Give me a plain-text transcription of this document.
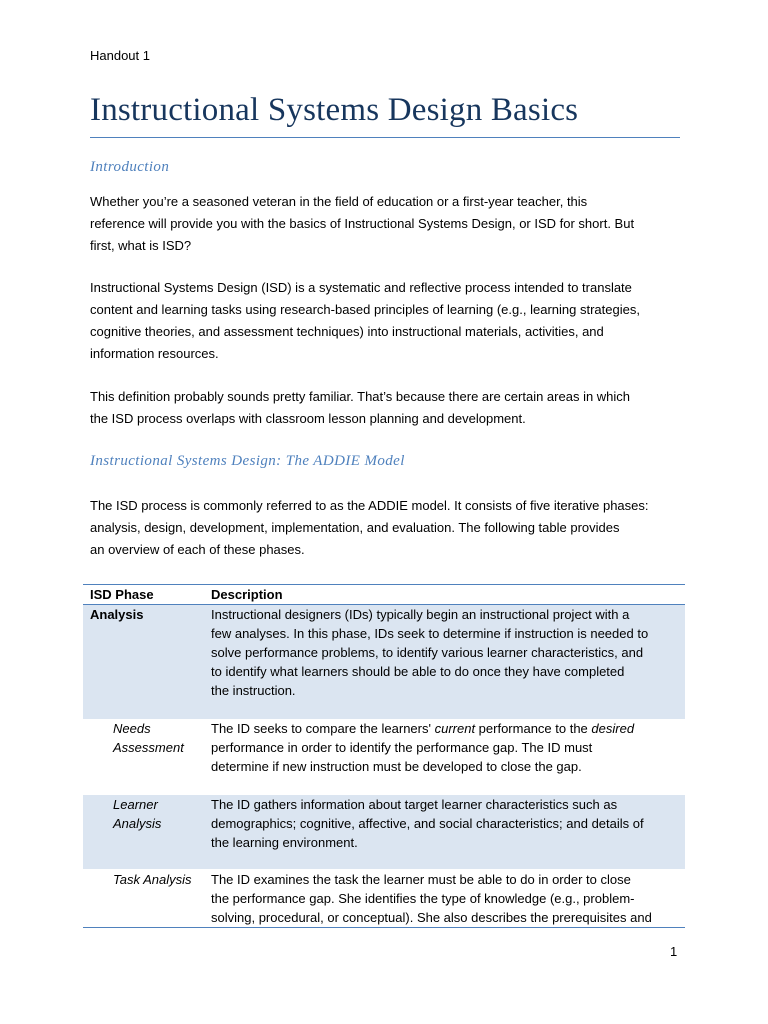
Handout 1
Instructional Systems Design Basics
Introduction

Whether you’re a seasoned veteran in the field of education or a first-year teacher, this
reference will provide you with the basics of Instructional Systems Design, or ISD for short. But
first, what is ISD?

Instructional Systems Design (ISD) is a systematic and reflective process intended to translate
content and learning tasks using research-based principles of learning (e.g., learning strategies,
cognitive theories, and assessment techniques) into instructional materials, activities, and
information resources.

This definition probably sounds pretty familiar. That’s because there are certain areas in which
the ISD process overlaps with classroom lesson planning and development.

Instructional Systems Design: The ADDIE Model

The ISD process is commonly referred to as the ADDIE model. It consists of five iterative phases:
analysis, design, development, implementation, and evaluation. The following table provides
an overview of each of these phases.

ISD Phase	Description
Analysis	Instructional designers (IDs) typically begin an instructional project with a
few analyses. In this phase, IDs seek to determine if instruction is needed to
solve performance problems, to identify various learner characteristics, and
to identify what learners should be able to do once they have completed
the instruction.
Needs
Assessment
The ID seeks to compare the learners' current performance to the desired
performance in order to identify the performance gap. The ID must
determine if new instruction must be developed to close the gap.
Learner
Analysis
The ID gathers information about target learner characteristics such as
demographics; cognitive, affective, and social characteristics; and details of
the learning environment.
Task Analysis The ID examines the task the learner must be able to do in order to close
the performance gap. She identifies the type of knowledge (e.g., problem-
solving, procedural, or conceptual). She also describes the prerequisites and
1
